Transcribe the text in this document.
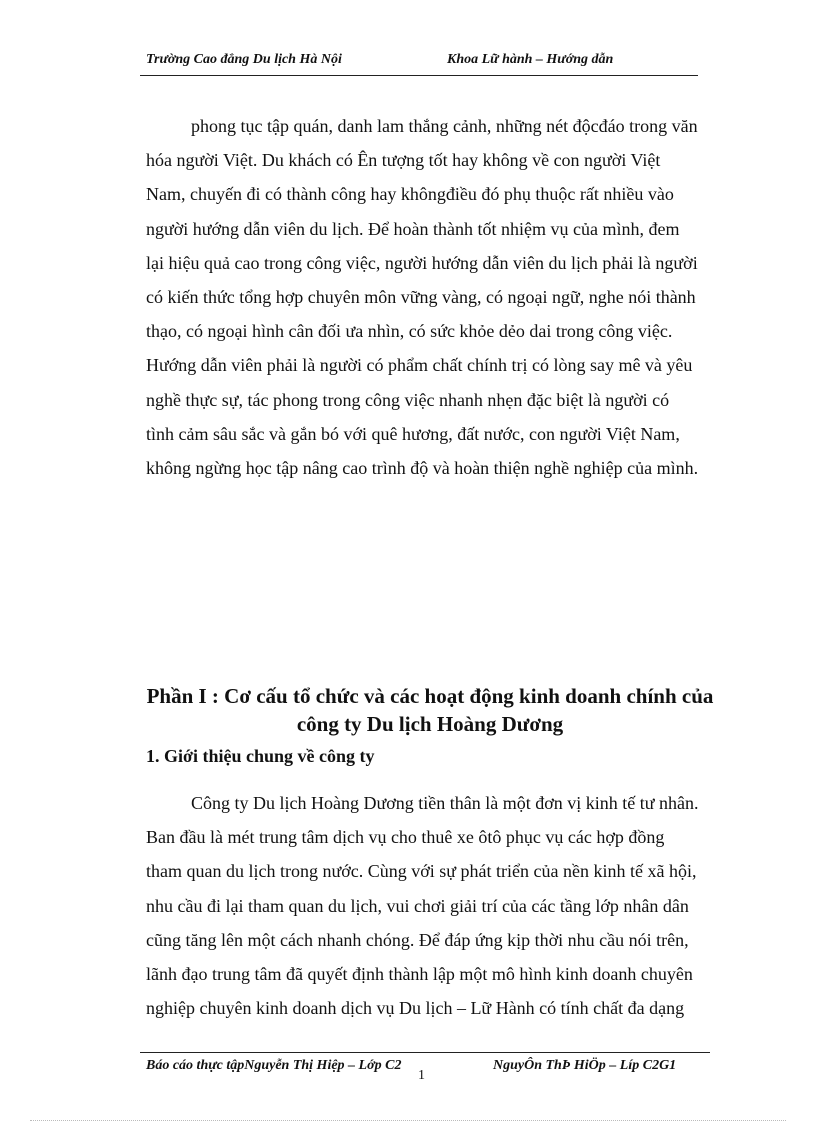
Trường Cao đẳng Du lịch Hà Nội	Khoa Lữ hành – Hướng dẫn

phong tục tập quán, danh lam thắng cảnh, những nét độcđáo trong văn

hóa người Việt. Du khách có Ên tượng tốt hay không về con người Việt

Nam, chuyến đi có thành công hay khôngđiều đó phụ thuộc rất nhiều vào

người hướng dẫn viên du lịch. Để hoàn thành tốt nhiệm vụ của mình, đem

lại hiệu quả cao trong công việc, người hướng dẫn viên du lịch phải là người

có kiến thức tổng hợp chuyên môn vững vàng, có ngoại ngữ, nghe nói thành

thạo, có ngoại hình cân đối ưa nhìn, có sức khỏe dẻo dai trong công việc.

Hướng dẫn viên phải là người có phẩm chất chính trị có lòng say mê và yêu

nghề thực sự, tác phong trong công việc nhanh nhẹn đặc biệt là người có

tình cảm sâu sắc và gắn bó với quê hương, đất nước, con người Việt Nam,

không ngừng học tập nâng cao trình độ và hoàn thiện nghề nghiệp của mình.

Phần I : Cơ cấu tổ chức và các hoạt động kinh doanh chính của
công ty Du lịch Hoàng Dương
1. Giới thiệu chung về công ty

Công ty Du lịch Hoàng Dương tiền thân là một đơn vị kinh tế tư nhân.

Ban đầu là mét trung tâm dịch vụ cho thuê xe ôtô phục vụ các hợp đồng

tham quan du lịch trong nước. Cùng với sự phát triển của nền kinh tế xã hội,

nhu cầu đi lại tham quan du lịch, vui chơi giải trí của các tầng lớp nhân dân

cũng tăng lên một cách nhanh chóng. Để đáp ứng kịp thời nhu cầu nói trên,

lãnh đạo trung tâm đã quyết định thành lập một mô hình kinh doanh chuyên

nghiệp chuyên kinh doanh dịch vụ Du lịch – Lữ Hành có tính chất đa dạng

Báo cáo thực tậpNguyễn Thị Hiệp – Lớp C2	NguyÔn ThÞ HiÖp – Líp C2G1
1
